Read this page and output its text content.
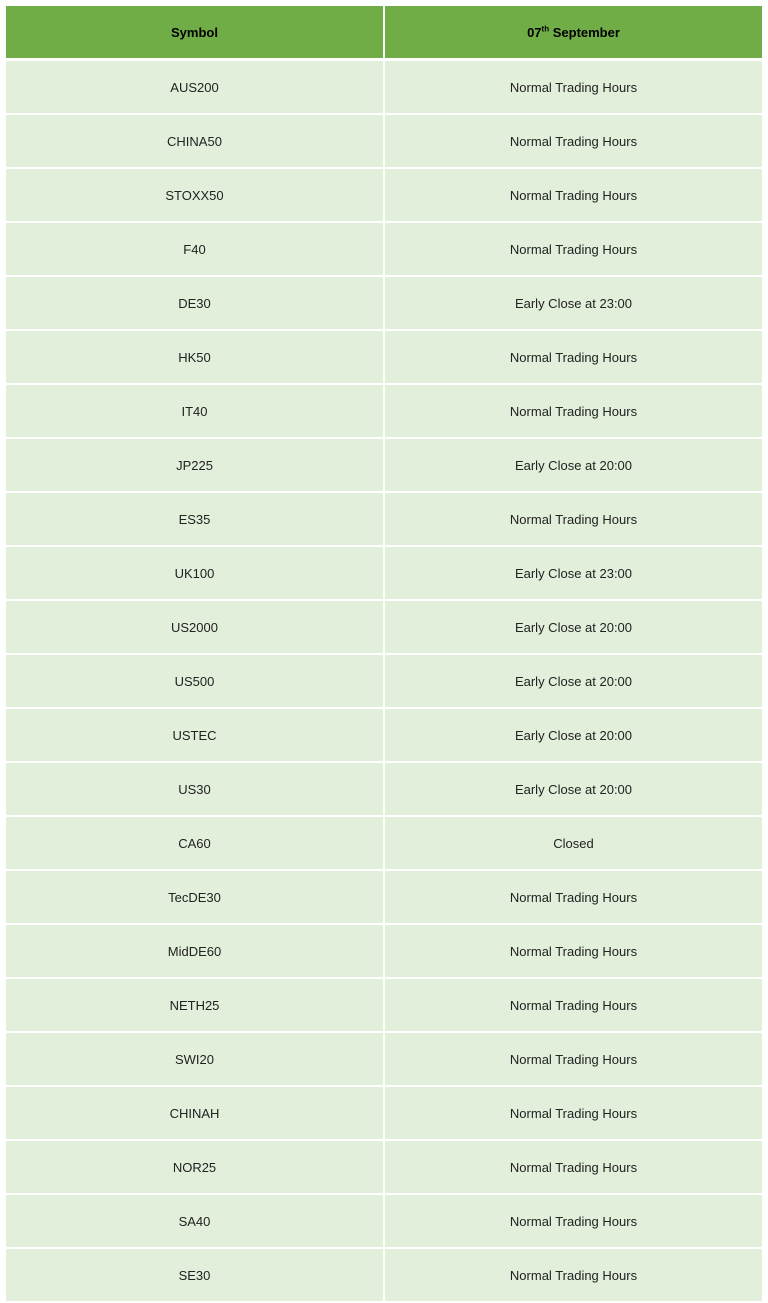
Symbol	07th September
AUS200	Normal Trading Hours
CHINA50	Normal Trading Hours
STOXX50	Normal Trading Hours
F40	Normal Trading Hours
DE30	Early Close at 23:00
HK50	Normal Trading Hours
IT40	Normal Trading Hours
JP225	Early Close at 20:00
ES35	Normal Trading Hours
UK100	Early Close at 23:00
US2000	Early Close at 20:00
US500	Early Close at 20:00
USTEC	Early Close at 20:00
US30	Early Close at 20:00
CA60	Closed
TecDE30	Normal Trading Hours
MidDE60	Normal Trading Hours
NETH25	Normal Trading Hours
SWI20	Normal Trading Hours
CHINAH	Normal Trading Hours
NOR25	Normal Trading Hours
SA40	Normal Trading Hours
SE30	Normal Trading Hours
